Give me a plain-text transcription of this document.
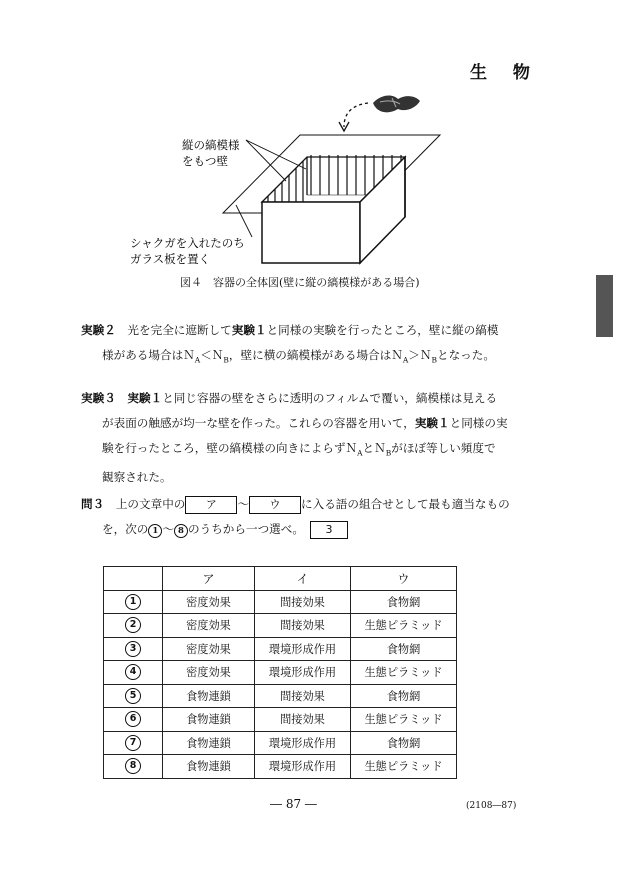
生 物
縦の縞模様
をもつ壁
シャクガを入れたのち
ガラス板を置く
図４　容器の全体図(壁に縦の縞模様がある場合)
実験２　 光を完全に遮断して実験１と同様の実験を行ったところ，壁に縦の縞模
様がある場合はＮ$_A$＜Ｎ$_B$，壁に横の縞模様がある場合はＮ$_A$＞Ｎ$_B$となった。
実験３　 実験１と同じ容器の壁をさらに透明のフィルムで覆い，縞模様は見える
が表面の触感が均一な壁を作った。これらの容器を用いて，実験１と同様の実
験を行ったところ，壁の縞模様の向きによらずＮ$_A$とＮ$_B$がほぼ等しい頻度で
観察された。
問３　 上の文章中の ア ～ ウ に入る語の組合せとして最も適当なもの
を，次の 1 ～ 8 のうちから一つ選べ。 3
	ア	イ	ウ
1	密度効果	間接効果	食物網
2	密度効果	間接効果	生態ピラミッド
3	密度効果	環境形成作用	食物網
4	密度効果	環境形成作用	生態ピラミッド
5	食物連鎖	間接効果	食物網
6	食物連鎖	間接効果	生態ピラミッド
7	食物連鎖	環境形成作用	食物網
8	食物連鎖	環境形成作用	生態ピラミッド
― 87 ―	(2108―87)
